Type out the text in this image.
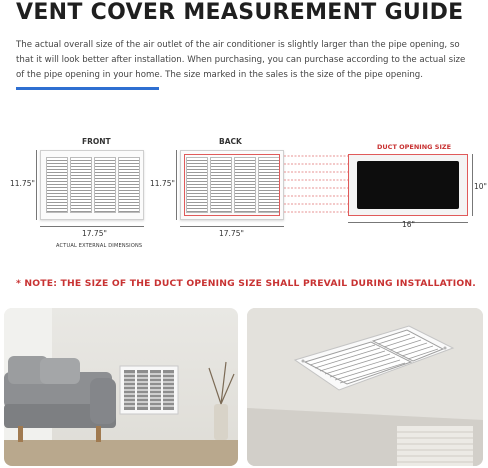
VENT COVER MEASUREMENT GUIDE
The actual overall size of the air outlet of the air conditioner is slightly larger than the pipe opening, so that it will look better after installation. When purchasing, you can purchase according to the actual size of the pipe opening in your home. The size marked in the sales is the size of the pipe opening.
FRONT
11.75"
17.75"
ACTUAL EXTERNAL DIMENSIONS
BACK
11.75"
17.75"
DUCT OPENING SIZE
10"
16"
* NOTE: THE SIZE OF THE DUCT OPENING SIZE SHALL PREVAIL DURING INSTALLATION.
